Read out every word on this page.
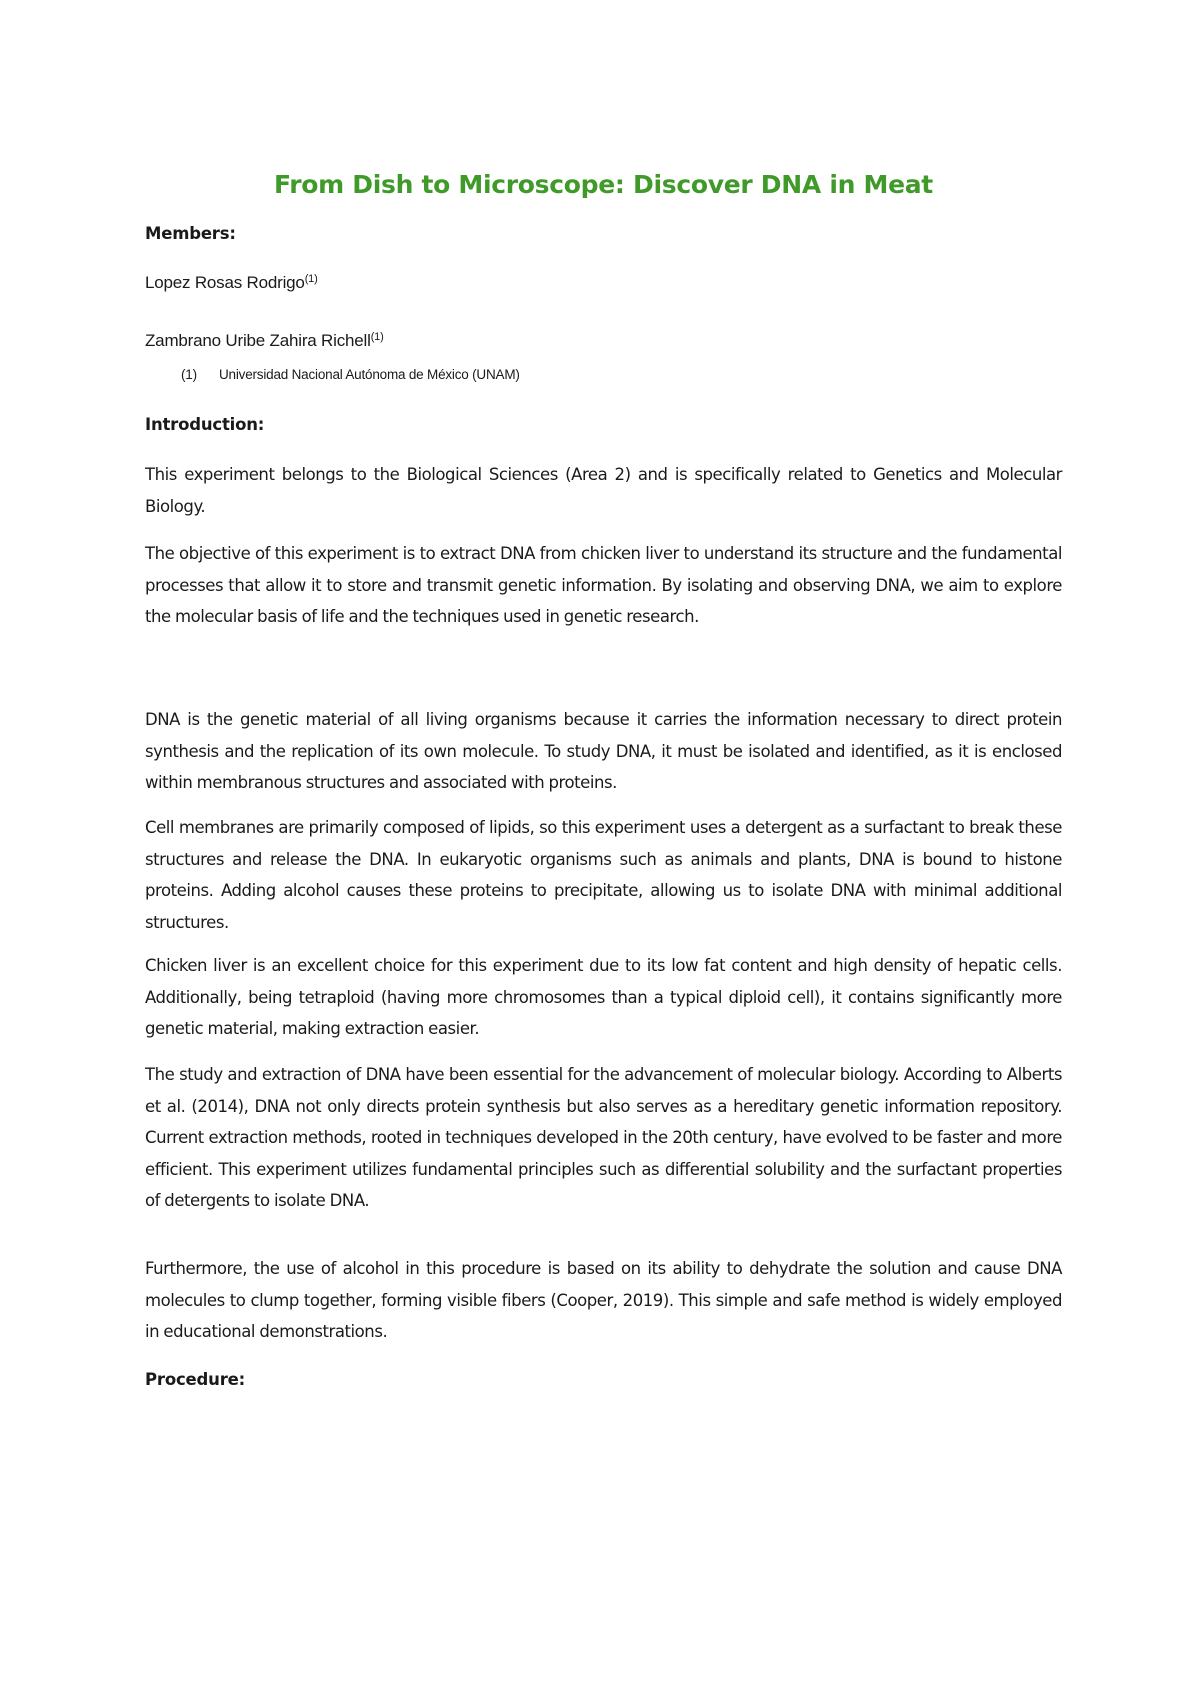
From Dish to Microscope: Discover DNA in Meat

Members:

Lopez Rosas Rodrigo$^{(1)}$

Zambrano Uribe Zahira Richell$^{(1)}$

(1) Universidad Nacional Autónoma de México (UNAM)

Introduction:

This experiment belongs to the Biological Sciences (Area 2) and is specifically related to Genetics and Molecular Biology.

The objective of this experiment is to extract DNA from chicken liver to understand its structure and the fundamental processes that allow it to store and transmit genetic information. By isolating and observing DNA, we aim to explore the molecular basis of life and the techniques used in genetic research.

DNA is the genetic material of all living organisms because it carries the information necessary to direct protein synthesis and the replication of its own molecule. To study DNA, it must be isolated and identified, as it is enclosed within membranous structures and associated with proteins.

Cell membranes are primarily composed of lipids, so this experiment uses a detergent as a surfactant to break these structures and release the DNA. In eukaryotic organisms such as animals and plants, DNA is bound to histone proteins. Adding alcohol causes these proteins to precipitate, allowing us to isolate DNA with minimal additional structures.

Chicken liver is an excellent choice for this experiment due to its low fat content and high density of hepatic cells. Additionally, being tetraploid (having more chromosomes than a typical diploid cell), it contains significantly more genetic material, making extraction easier.

The study and extraction of DNA have been essential for the advancement of molecular biology. According to Alberts et al. (2014), DNA not only directs protein synthesis but also serves as a hereditary genetic information repository. Current extraction methods, rooted in techniques developed in the 20th century, have evolved to be faster and more efficient. This experiment utilizes fundamental principles such as differential solubility and the surfactant properties of detergents to isolate DNA.

Furthermore, the use of alcohol in this procedure is based on its ability to dehydrate the solution and cause DNA molecules to clump together, forming visible fibers (Cooper, 2019). This simple and safe method is widely employed in educational demonstrations.

Procedure:
